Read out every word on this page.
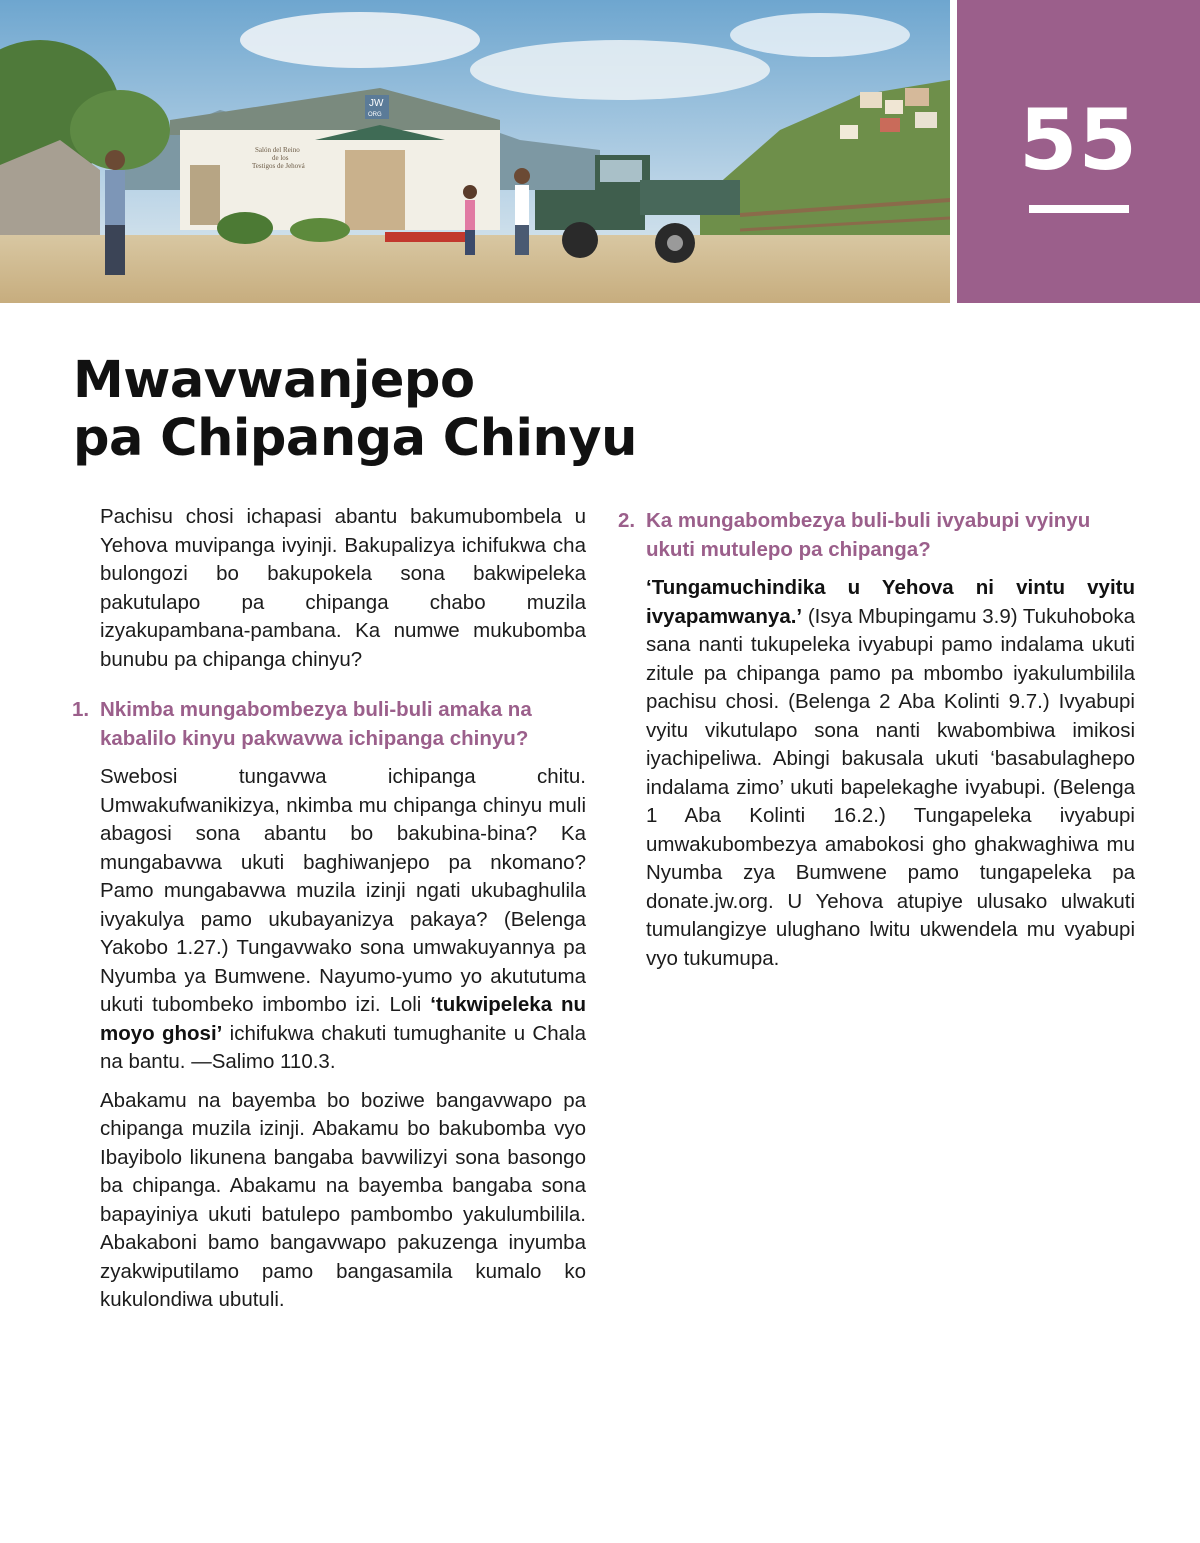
JW
ORG
Salón del Reino
de los
Testigos de Jehová	55
Mwavwanjepo
pa Chipanga Chinyu

Pachisu chosi ichapasi abantu bakumubombela u Yehova muvipanga ivyinji. Bakupalizya ichifukwa cha bulongozi bo bakupokela sona bakwipeleka pakutulapo pa chipanga chabo muzila izyakupambana-pambana. Ka numwe mukubomba bunubu pa chipanga chinyu?

1. Nkimba mungabombezya buli-buli amaka na kabalilo kinyu pakwavwa ichipanga chinyu?

Swebosi tungavwa ichipanga chitu. Umwakufwanikizya, nkimba mu chipanga chinyu muli abagosi sona abantu bo bakubina-bina? Ka mungabavwa ukuti baghiwanjepo pa nkomano? Pamo mungabavwa muzila izinji ngati ukubaghulila ivyakulya pamo ukubayanizya pakaya? (Belenga Yakobo 1.27.) Tungavwako sona umwakuyannya pa Nyumba ya Bumwene. Nayumo-yumo yo akututuma ukuti tubombeko imbombo izi. Loli ‘tukwipeleka nu moyo ghosi’ ichifukwa chakuti tumughanite u Chala na bantu. —Salimo 110.3.

Abakamu na bayemba bo boziwe bangavwapo pa chipanga muzila izinji. Abakamu bo bakubomba vyo Ibayibolo likunena bangaba bavwilizyi sona basongo ba chipanga. Abakamu na bayemba bangaba sona bapayiniya ukuti batulepo pambombo yakulumbilila. Abakaboni bamo bangavwapo pakuzenga inyumba zyakwiputilamo pamo bangasamila kumalo ko kukulondiwa ubutuli.

2. Ka mungabombezya buli-buli ivyabupi vyinyu ukuti mutulepo pa chipanga?

‘Tungamuchindika u Yehova ni vintu vyitu ivyapamwanya.’ (Isya Mbupingamu 3.9) Tukuhoboka sana nanti tukupeleka ivyabupi pamo indalama ukuti zitule pa chipanga pamo pa mbombo iyakulumbilila pachisu chosi. (Belenga 2 Aba Kolinti 9.7.) Ivyabupi vyitu vikutulapo sona nanti kwabombiwa imikosi iyachipeliwa. Abingi bakusala ukuti ‘basabulaghepo indalama zimo’ ukuti bapelekaghe ivyabupi. (Belenga 1 Aba Kolinti 16.2.) Tungapeleka ivyabupi umwakubombezya amabokosi gho ghakwaghiwa mu Nyumba zya Bumwene pamo tungapeleka pa donate.jw.org. U Yehova atupiye ulusako ulwakuti tumulangizye ulughano lwitu ukwendela mu vyabupi vyo tukumupa.
